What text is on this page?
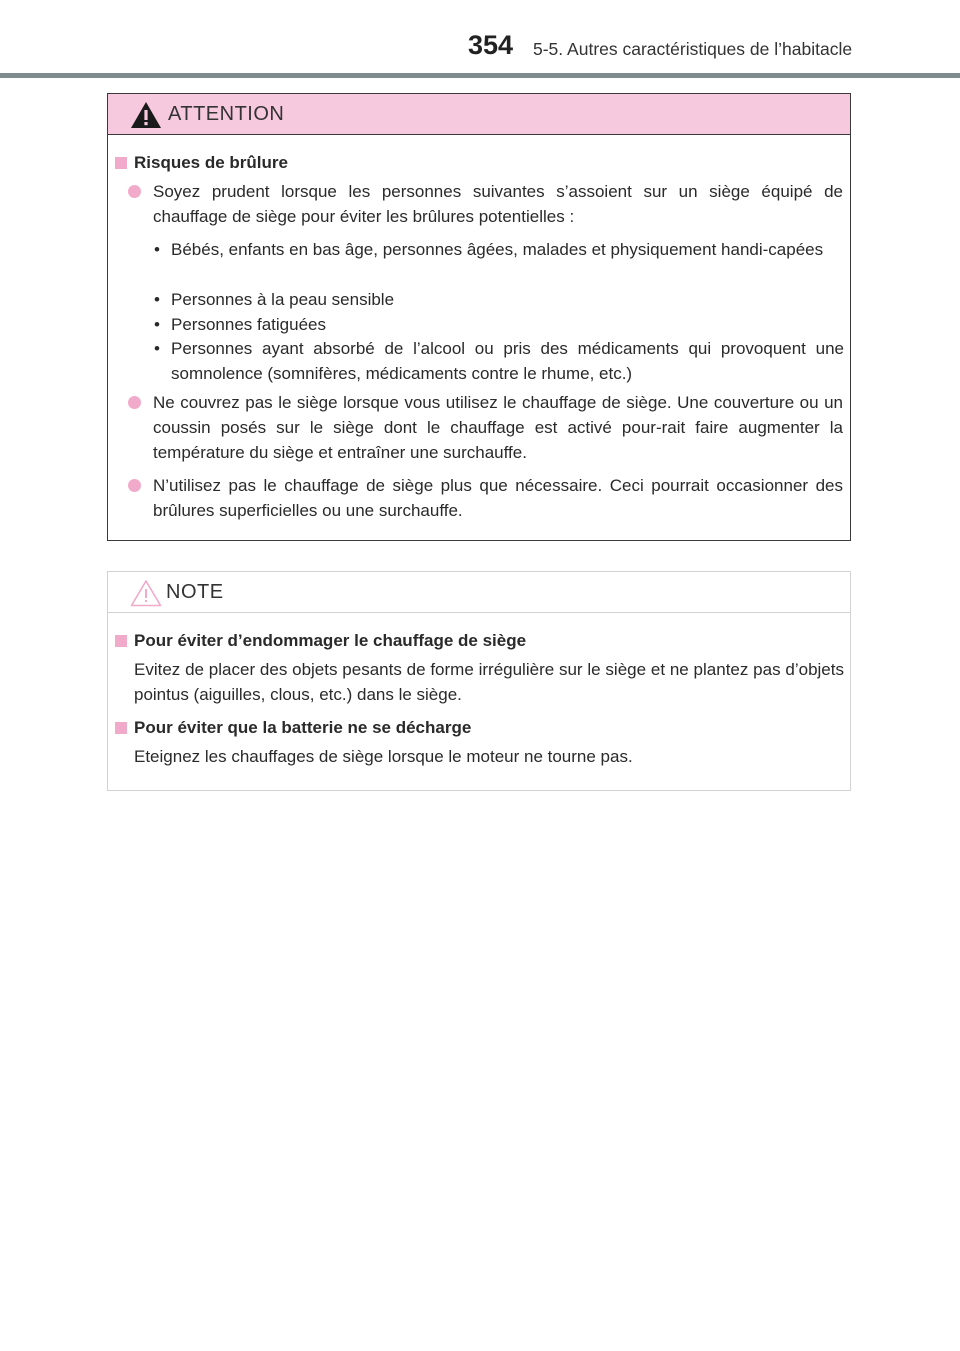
354 5-5. Autres caractéristiques de l’habitacle
ATTENTION
Risques de brûlure
Soyez prudent lorsque les personnes suivantes s’assoient sur un siège équipé de chauffage de siège pour éviter les brûlures potentielles :
• Bébés, enfants en bas âge, personnes âgées, malades et physiquement handi-capées
• Personnes à la peau sensible
• Personnes fatiguées
• Personnes ayant absorbé de l’alcool ou pris des médicaments qui provoquent une somnolence (somnifères, médicaments contre le rhume, etc.)
Ne couvrez pas le siège lorsque vous utilisez le chauffage de siège. Une couverture ou un coussin posés sur le siège dont le chauffage est activé pour-rait faire augmenter la température du siège et entraîner une surchauffe.
N’utilisez pas le chauffage de siège plus que nécessaire. Ceci pourrait occasionner des brûlures superficielles ou une surchauffe.
NOTE
Pour éviter d’endommager le chauffage de siège
Evitez de placer des objets pesants de forme irrégulière sur le siège et ne plantez pas d’objets pointus (aiguilles, clous, etc.) dans le siège.
Pour éviter que la batterie ne se décharge
Eteignez les chauffages de siège lorsque le moteur ne tourne pas.
